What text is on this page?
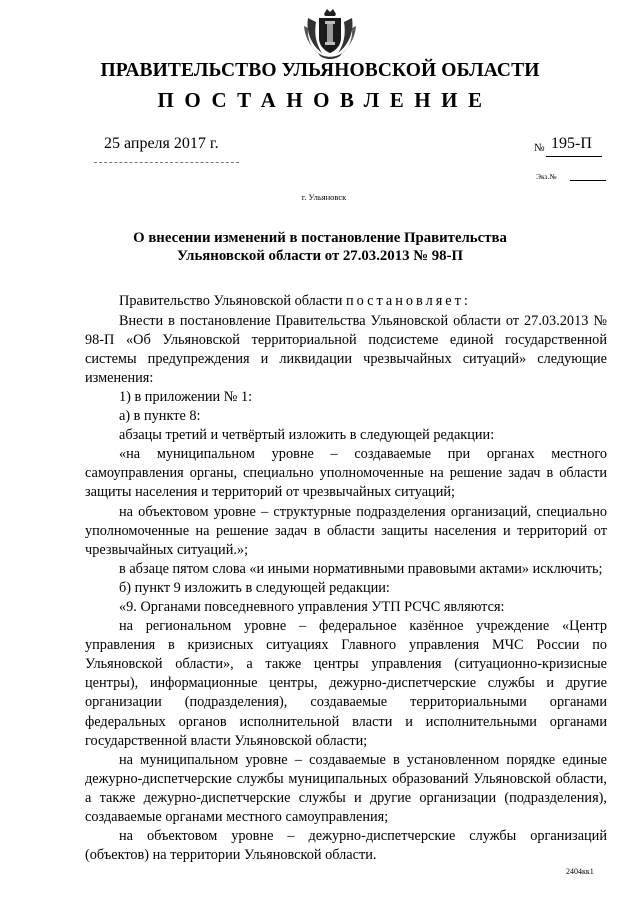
ПРАВИТЕЛЬСТВО УЛЬЯНОВСКОЙ ОБЛАСТИ
ПОСТАНОВЛЕНИЕ
25 апреля 2017 г.	№ 195-П
Экз.№
г. Ульяновск
О внесении изменений в постановление Правительства
Ульяновской области от 27.03.2013 № 98-П

Правительство Ульяновской области постановляет:

Внести в постановление Правительства Ульяновской области от 27.03.2013 № 98-П «Об Ульяновской территориальной подсистеме единой государственной системы предупреждения и ликвидации чрезвычайных ситуаций» следующие изменения:

1) в приложении № 1:

а) в пункте 8:

абзацы третий и четвёртый изложить в следующей редакции:

«на муниципальном уровне – создаваемые при органах местного самоуправления органы, специально уполномоченные на решение задач в области защиты населения и территорий от чрезвычайных ситуаций;

на объектовом уровне – структурные подразделения организаций, специально уполномоченные на решение задач в области защиты населения и территорий от чрезвычайных ситуаций.»;

в абзаце пятом слова «и иными нормативными правовыми актами» исключить;

б) пункт 9 изложить в следующей редакции:

«9. Органами повседневного управления УТП РСЧС являются:

на региональном уровне – федеральное казённое учреждение «Центр управления в кризисных ситуациях Главного управления МЧС России по Ульяновской области», а также центры управления (ситуационно-кризисные центры), информационные центры, дежурно-диспетчерские службы и другие организации (подразделения), создаваемые территориальными органами федеральных органов исполнительной власти и исполнительными органами государственной власти Ульяновской области;

на муниципальном уровне – создаваемые в установленном порядке единые дежурно-диспетчерские службы муниципальных образований Ульяновской области, а также дежурно-диспетчерские службы и другие организации (подразделения), создаваемые органами местного самоуправления;

на объектовом уровне – дежурно-диспетчерские службы организаций (объектов) на территории Ульяновской области.

2404кк1
